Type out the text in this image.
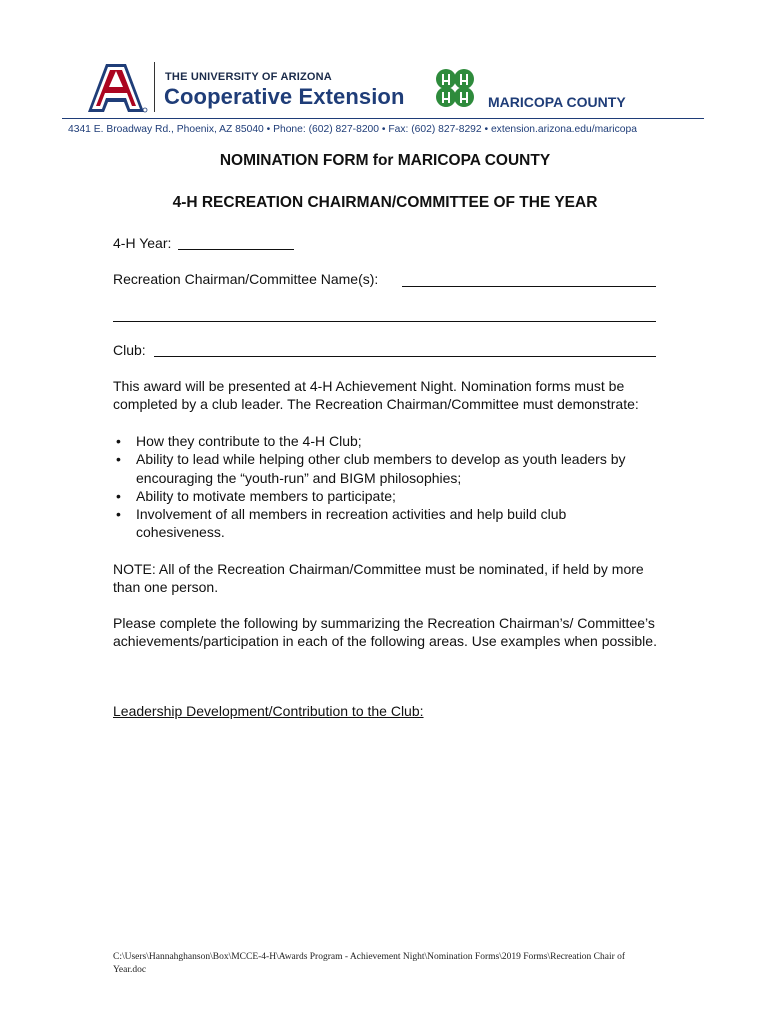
THE UNIVERSITY OF ARIZONA
Cooperative Extension	MARICOPA COUNTY
4341 E. Broadway Rd., Phoenix, AZ 85040 • Phone: (602) 827-8200 • Fax: (602) 827-8292 • extension.arizona.edu/maricopa
NOMINATION FORM for MARICOPA COUNTY
4-H RECREATION CHAIRMAN/COMMITTEE OF THE YEAR
4-H Year:
Recreation Chairman/Committee Name(s):
Club:

This award will be presented at 4-H Achievement Night. Nomination forms must be completed by a club leader. The Recreation Chairman/Committee must demonstrate:

• How they contribute to the 4-H Club;
• Ability to lead while helping other club members to develop as youth leaders by encouraging the “youth-run” and BIGM philosophies;
• Ability to motivate members to participate;
• Involvement of all members in recreation activities and help build club cohesiveness.

NOTE: All of the Recreation Chairman/Committee must be nominated, if held by more than one person.

Please complete the following by summarizing the Recreation Chairman’s/ Committee’s achievements/participation in each of the following areas. Use examples when possible.

Leadership Development/Contribution to the Club:
C:\Users\Hannahghanson\Box\MCCE-4-H\Awards Program - Achievement Night\Nomination Forms\2019 Forms\Recreation Chair of Year.doc
